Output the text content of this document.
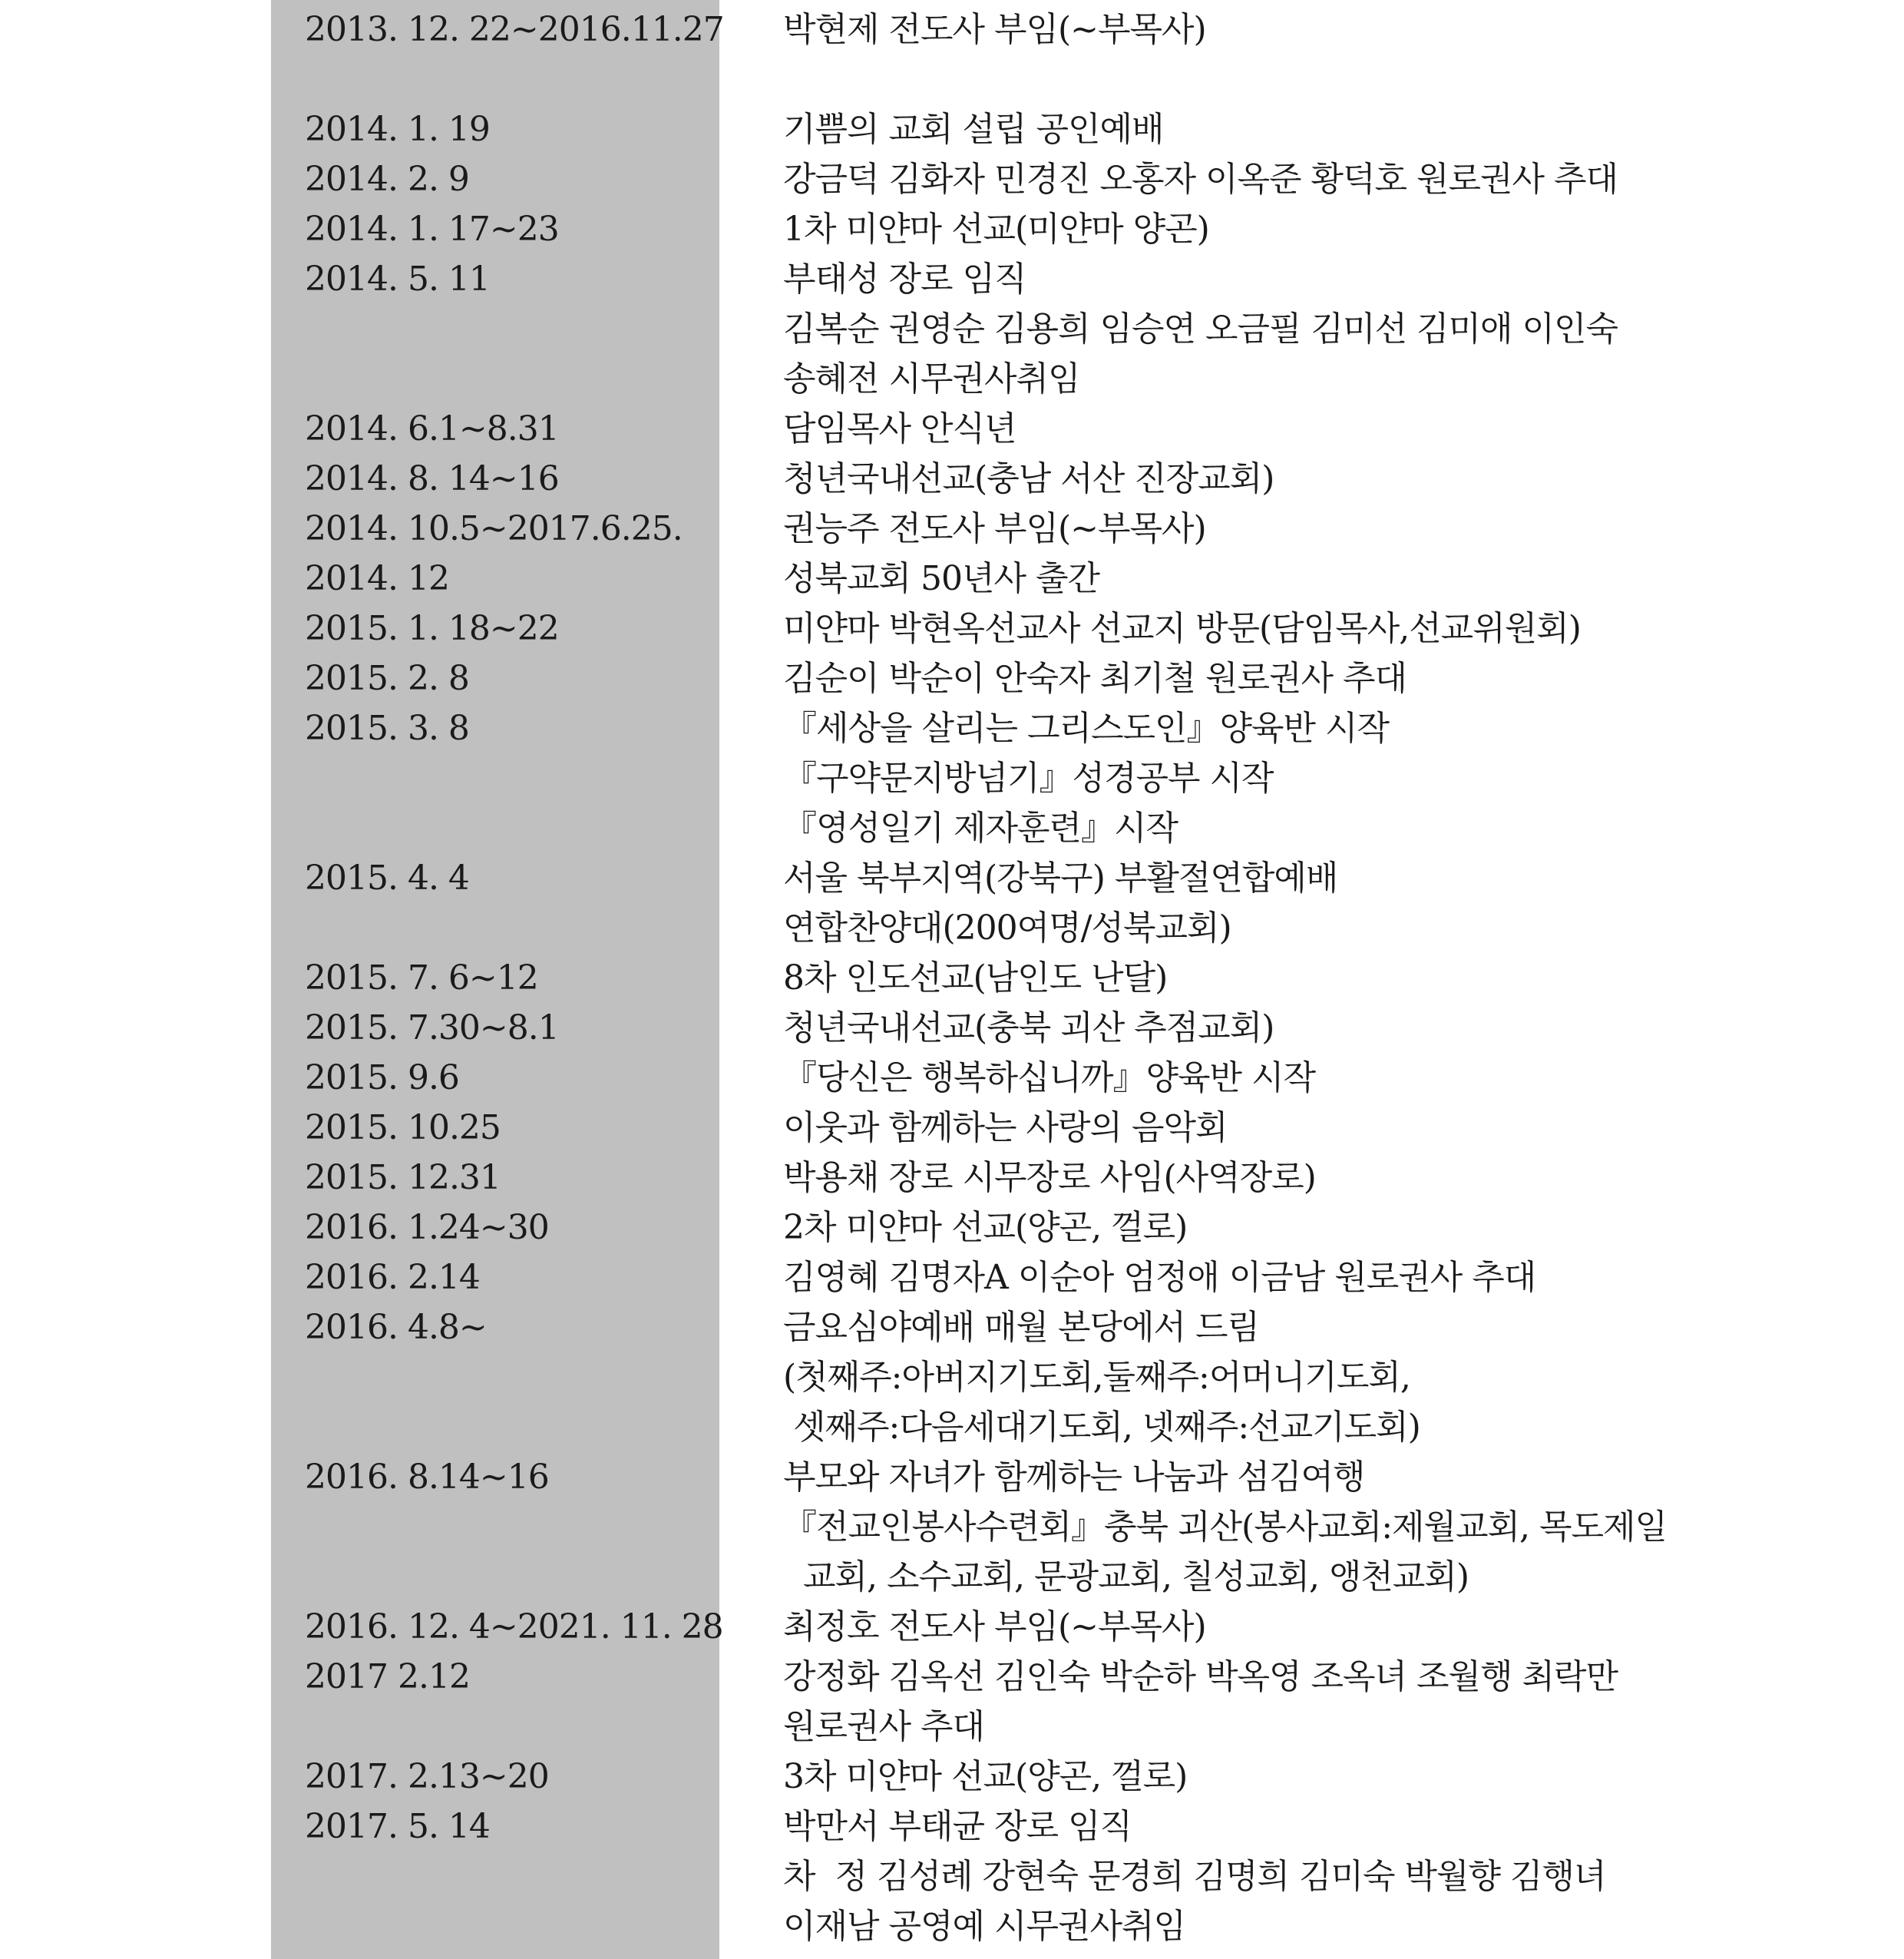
2013. 12. 22~2016.11.27 박현제 전도사 부임(~부목사)
2014. 1. 19	기쁨의 교회 설립 공인예배
2014. 2. 9	강금덕 김화자 민경진 오홍자 이옥준 황덕호 원로권사 추대
2014. 1. 17~23	1차 미얀마 선교(미얀마 양곤)
2014. 5. 11	부태성 장로 임직
김복순 권영순 김용희 임승연 오금필 김미선 김미애 이인숙
송혜전 시무권사취임
2014. 6.1~8.31	담임목사 안식년
2014. 8. 14~16	청년국내선교(충남 서산 진장교회)
2014. 10.5~2017.6.25.	권능주 전도사 부임(~부목사)
2014. 12	성북교회 50년사 출간
2015. 1. 18~22	미얀마 박현옥선교사 선교지 방문(담임목사,선교위원회)
2015. 2. 8	김순이 박순이 안숙자 최기철 원로권사 추대
2015. 3. 8	『세상을 살리는 그리스도인』양육반 시작
『구약문지방넘기』성경공부 시작
『영성일기 제자훈련』시작
2015. 4. 4	서울 북부지역(강북구) 부활절연합예배
연합찬양대(200여명/성북교회)
2015. 7. 6~12	8차 인도선교(남인도 난달)
2015. 7.30~8.1	청년국내선교(충북 괴산 추점교회)
2015. 9.6	『당신은 행복하십니까』양육반 시작
2015. 10.25	이웃과 함께하는 사랑의 음악회
2015. 12.31	박용채 장로 시무장로 사임(사역장로)
2016. 1.24~30	2차 미얀마 선교(양곤, 껄로)
2016. 2.14	김영혜 김명자A 이순아 엄정애 이금남 원로권사 추대
2016. 4.8~	금요심야예배 매월 본당에서 드림
(첫째주:아버지기도회,둘째주:어머니기도회,
셋째주:다음세대기도회, 넷째주:선교기도회)
2016. 8.14~16	부모와 자녀가 함께하는 나눔과 섬김여행
『전교인봉사수련회』충북 괴산(봉사교회:제월교회, 목도제일
교회, 소수교회, 문광교회, 칠성교회, 앵천교회)
2016. 12. 4~2021. 11. 28 최정호 전도사 부임(~부목사)
2017 2.12	강정화 김옥선 김인숙 박순하 박옥영 조옥녀 조월행 최락만
원로권사 추대
2017. 2.13~20	3차 미얀마 선교(양곤, 껄로)
2017. 5. 14	박만서 부태균 장로 임직
차  정 김성례 강현숙 문경희 김명희 김미숙 박월향 김행녀
이재남 공영예 시무권사취임
